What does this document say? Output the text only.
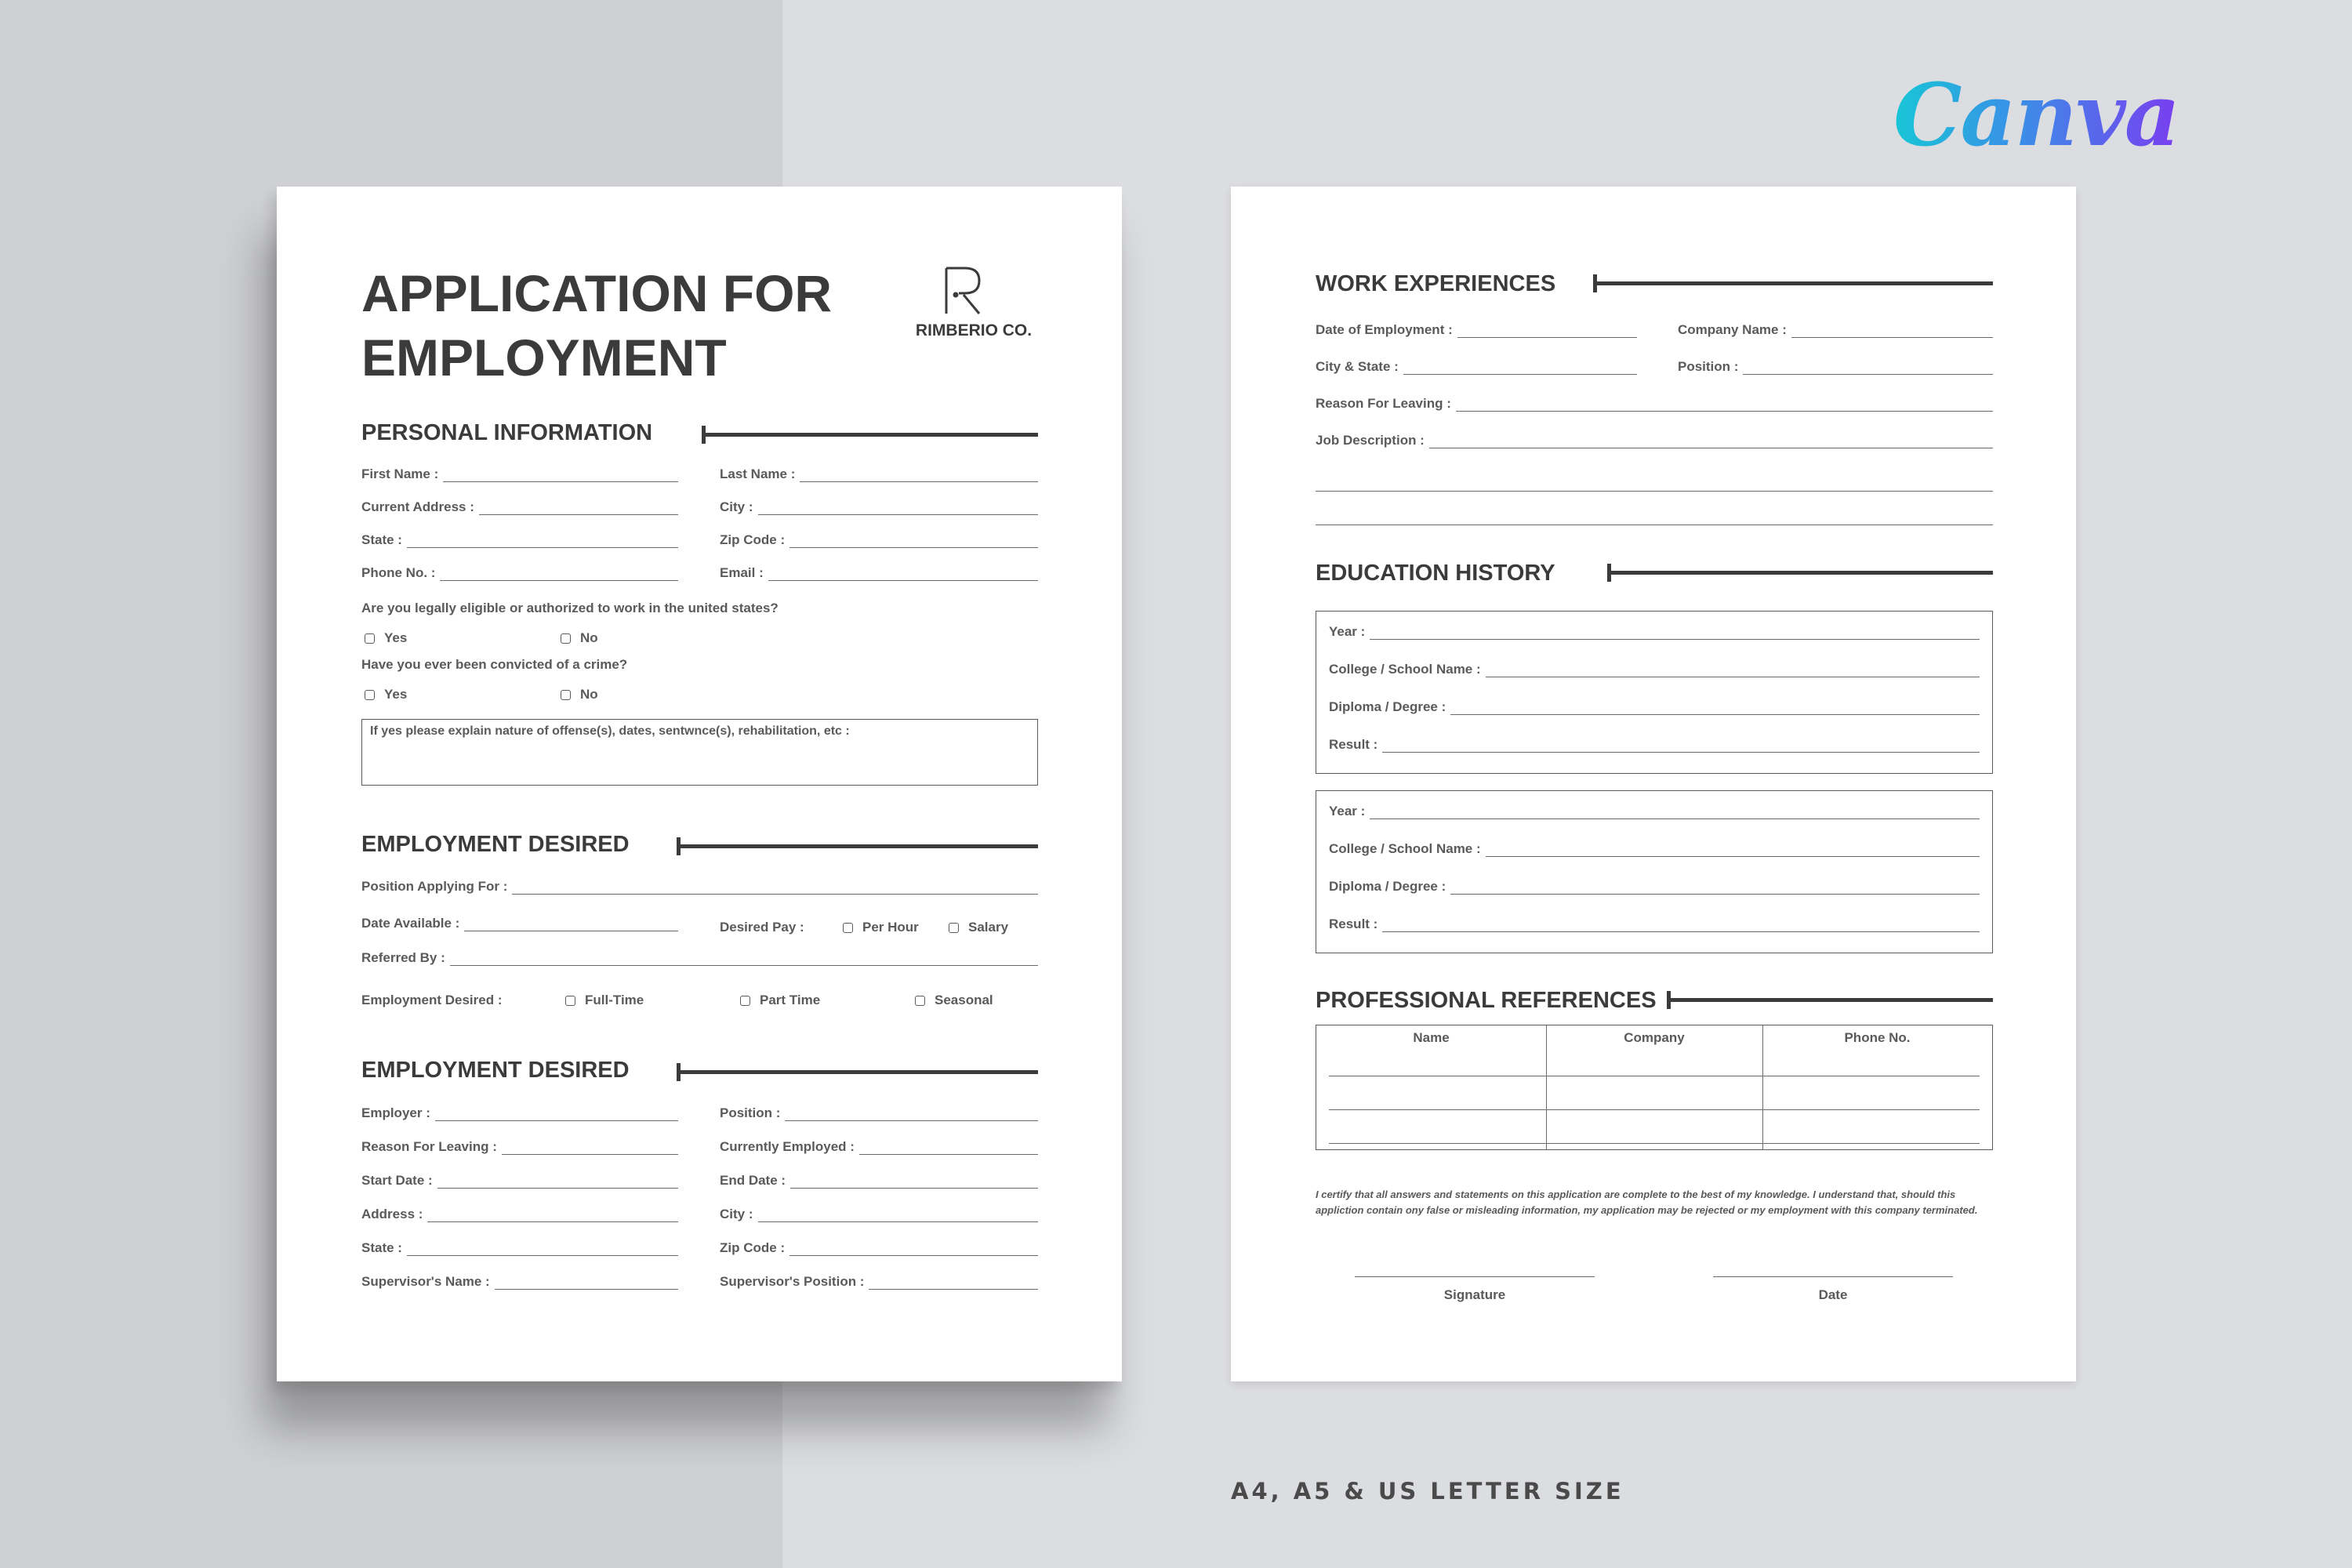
Canva
A4, A5 & US LETTER SIZE
APPLICATION FOR EMPLOYMENT	RIMBERIO CO.
PERSONAL INFORMATION
First Name :	Last Name :
Current Address :	City :
State :	Zip Code :
Phone No. :	Email :
Are you legally eligible or authorized to work in the united states?
Yes	No
Have you ever been convicted of a crime?
Yes	No
If yes please explain nature of offense(s), dates, sentwnce(s), rehabilitation, etc :
EMPLOYMENT DESIRED
Position Applying For :
Date Available :	Desired Pay :	Per Hour	Salary
Referred By :
Employment Desired :	Full-Time	Part Time	Seasonal
EMPLOYMENT DESIRED
Employer :	Position :
Reason For Leaving :	Currently Employed :
Start Date :	End Date :
Address :	City :
State :	Zip Code :
Supervisor's Name :	Supervisor's Position :
WORK EXPERIENCES
Date of Employment :	Company Name :
City & State :	Position :
Reason For Leaving :
Job Description :
EDUCATION HISTORY
Year :
College / School Name :
Diploma / Degree :
Result :
Year :
College / School Name :
Diploma / Degree :
Result :
PROFESSIONAL REFERENCES
Name	Company	Phone No.
I certify that all answers and statements on this application are complete to the best of my knowledge. I understand that, should this appliction contain ony false or misleading information, my application may be rejected or my employment with this company terminated.
Signature	Date
